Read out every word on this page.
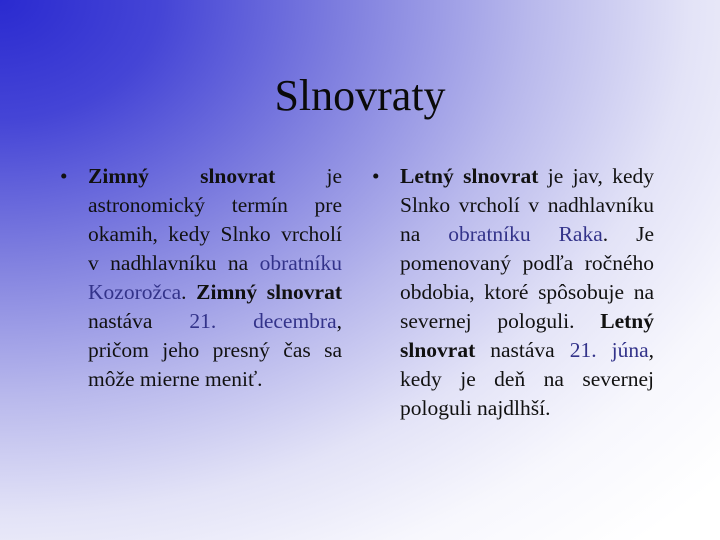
Slnovraty
• Zimný slnovrat je astronomický termín pre okamih, kedy Slnko vrcholí v nadhlavníku na obratníku Kozorožca. Zimný slnovrat nastáva 21. decembra, pričom jeho presný čas sa môže mierne meniť.
• Letný slnovrat je jav, kedy Slnko vrcholí v nadhlavníku na obratníku Raka. Je pomenovaný podľa ročného obdobia, ktoré spôsobuje na severnej pologuli. Letný slnovrat nastáva 21. júna, kedy je deň na severnej pologuli najdlhší.
